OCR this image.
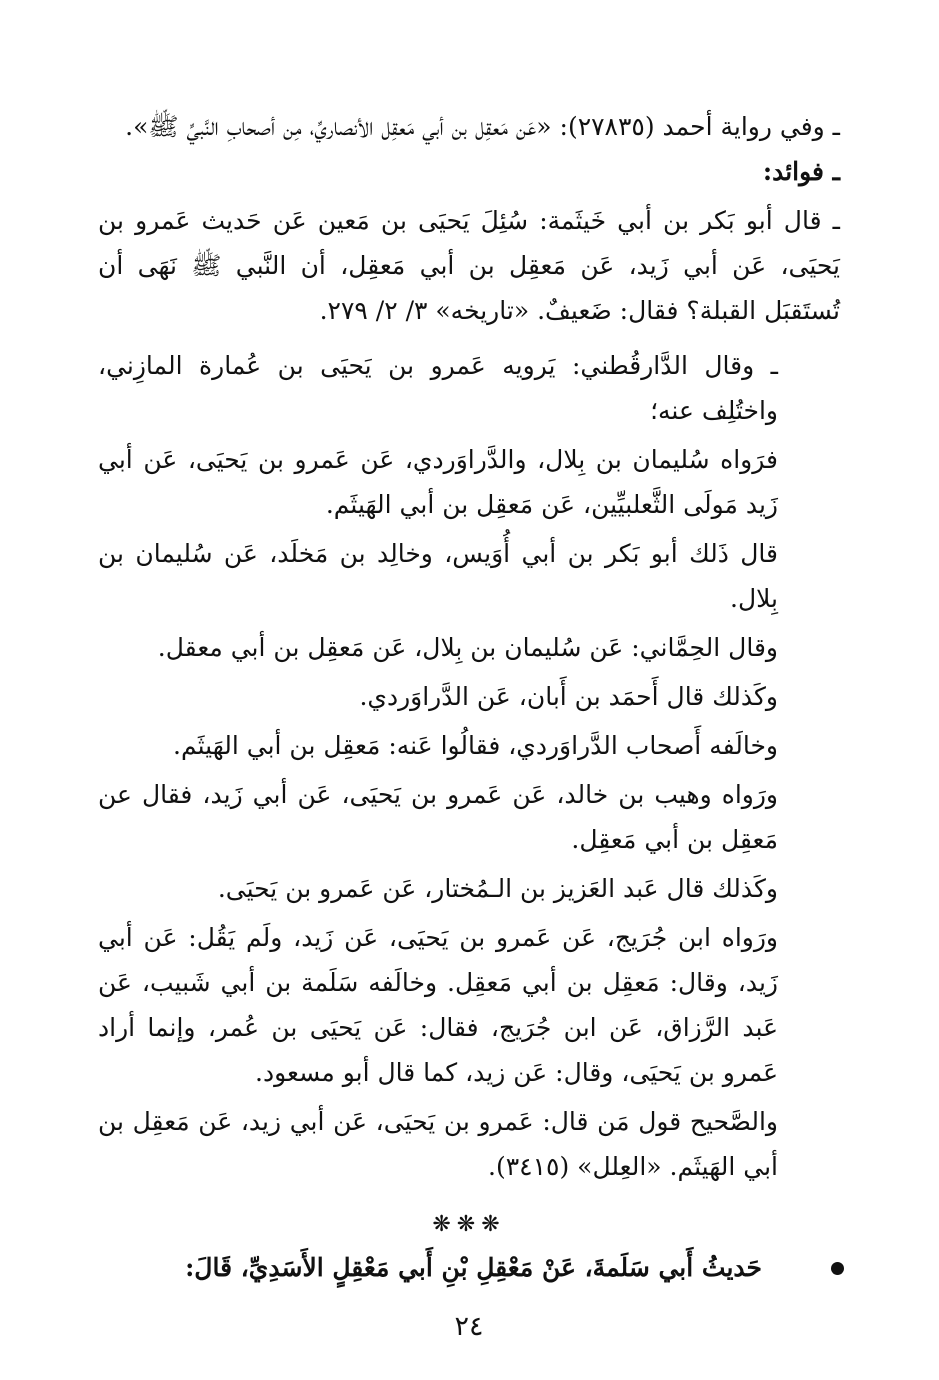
ـ وفي رواية أحمد (٢٧٨٣٥): «عَن مَعقِل بن أبي مَعقِل الأنصاريِّ، مِن أصحابِ النَّبيِّ ﷺ».

ـ فوائد:

ـ قال أبو بَكر بن أبي خَيثَمة: سُئِلَ يَحيَى بن مَعين عَن حَديث عَمرو بن يَحيَى، عَن أبي زَيد، عَن مَعقِل بن أبي مَعقِل، أن النَّبي ﷺ نَهَى أن تُستَقبَل القبلة؟ فقال: ضَعيفٌ. «تاريخه» ٣/ ٢/ ٢٧٩.

ـ وقال الدَّارقُطني: يَرويه عَمرو بن يَحيَى بن عُمارة المازِني، واختُلِف عنه؛

فرَواه سُليمان بن بِلال، والدَّراوَردي، عَن عَمرو بن يَحيَى، عَن أبي زَيد مَولَى الثَّعلبيِّين، عَن مَعقِل بن أبي الهَيثَم.

قال ذَلك أبو بَكر بن أبي أُوَيس، وخالِد بن مَخلَد، عَن سُليمان بن بِلال.

وقال الحِمَّاني: عَن سُليمان بن بِلال، عَن مَعقِل بن أبي معقل.

وكَذلك قال أَحمَد بن أَبان، عَن الدَّراوَردي.

وخالَفه أَصحاب الدَّراوَردي، فقالُوا عَنه: مَعقِل بن أبي الهَيثَم.

ورَواه وهيب بن خالد، عَن عَمرو بن يَحيَى، عَن أبي زَيد، فقال عن مَعقِل بن أبي مَعقِل.

وكَذلك قال عَبد العَزيز بن الـمُختار، عَن عَمرو بن يَحيَى.

ورَواه ابن جُرَيج، عَن عَمرو بن يَحيَى، عَن زَيد، ولَم يَقُل: عَن أبي زَيد، وقال: مَعقِل بن أبي مَعقِل. وخالَفه سَلَمة بن أبي شَبيب، عَن عَبد الرَّزاق، عَن ابن جُرَيج، فقال: عَن يَحيَى بن عُمر، وإنما أراد عَمرو بن يَحيَى، وقال: عَن زيد، كما قال أبو مسعود.

والصَّحيح قول مَن قال: عَمرو بن يَحيَى، عَن أبي زيد، عَن مَعقِل بن أبي الهَيثَم. «العِلل» (٣٤١٥).

❋❋❋

حَديثُ أَبي سَلَمةَ، عَنْ مَعْقِلِ بْنِ أَبي مَعْقِلٍ الأَسَدِيِّ، قَالَ:

٢٤
